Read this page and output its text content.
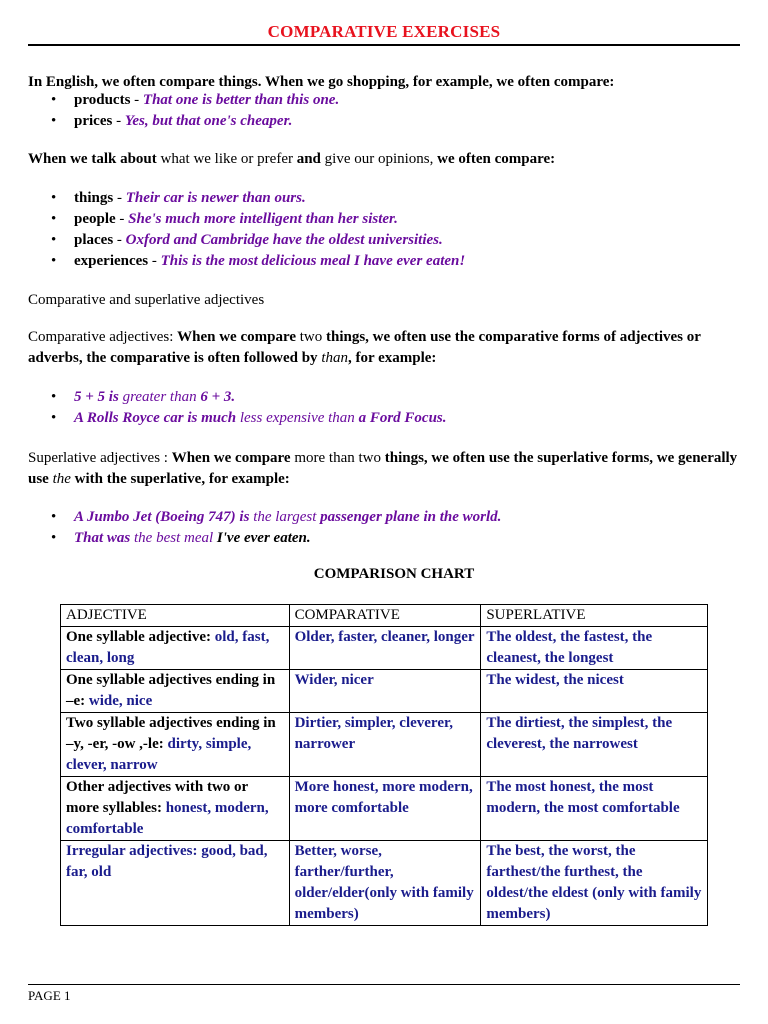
COMPARATIVE EXERCISES
In English, we often compare things. When we go shopping, for example, we often compare:
• products - That one is better than this one.
• prices - Yes, but that one's cheaper.
When we talk about what we like or prefer and give our opinions, we often compare:
• things - Their car is newer than ours.
• people - She's much more intelligent than her sister.
• places - Oxford and Cambridge have the oldest universities.
• experiences - This is the most delicious meal I have ever eaten!
Comparative and superlative adjectives
Comparative adjectives: When we compare two things, we often use the comparative forms of adjectives or adverbs, the comparative is often followed by than, for example:
• 5 + 5 is greater than 6 + 3.
• A Rolls Royce car is much less expensive than a Ford Focus.
Superlative adjectives : When we compare more than two things, we often use the superlative forms, we generally use the with the superlative, for example:
• A Jumbo Jet (Boeing 747) is the largest passenger plane in the world.
• That was the best meal I've ever eaten.
COMPARISON CHART
ADJECTIVE	COMPARATIVE	SUPERLATIVE
One syllable adjective: old, fast, clean, long	Older, faster, cleaner, longer	The oldest, the fastest, the cleanest, the longest
One syllable adjectives ending in –e: wide, nice	Wider, nicer	The widest, the nicest
Two syllable adjectives ending in –y, -er, -ow ,-le: dirty, simple, clever, narrow	Dirtier, simpler, cleverer, narrower	The dirtiest, the simplest, the cleverest, the narrowest
Other adjectives with two or more syllables: honest, modern, comfortable	More honest, more modern, more comfortable	The most honest, the most modern, the most comfortable
Irregular adjectives: good, bad, far, old	Better, worse, farther/further, older/elder(only with family members)	The best, the worst, the farthest/the furthest, the oldest/the eldest (only with family members)
PAGE 1
